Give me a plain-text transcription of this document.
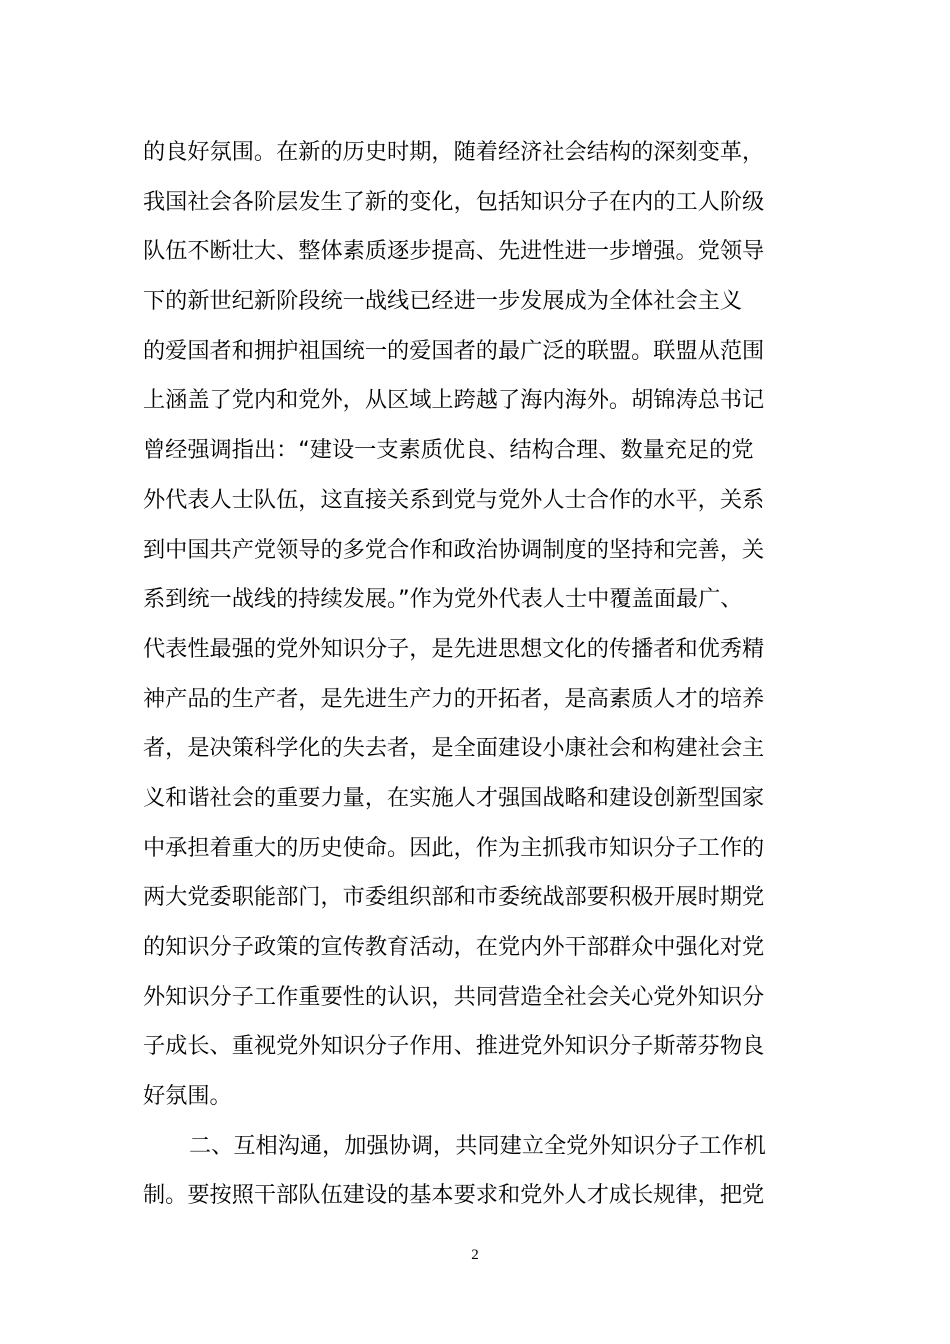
的良好氛围。在新的历史时期，随着经济社会结构的深刻变革，
我国社会各阶层发生了新的变化，包括知识分子在内的工人阶级
队伍不断壮大、整体素质逐步提高、先进性进一步增强。党领导
下的新世纪新阶段统一战线已经进一步发展成为全体社会主义
的爱国者和拥护祖国统一的爱国者的最广泛的联盟。联盟从范围
上涵盖了党内和党外，从区域上跨越了海内海外。胡锦涛总书记
曾经强调指出：“建设一支素质优良、结构合理、数量充足的党
外代表人士队伍，这直接关系到党与党外人士合作的水平，关系
到中国共产党领导的多党合作和政治协调制度的坚持和完善，关
系到统一战线的持续发展。”作为党外代表人士中覆盖面最广、
代表性最强的党外知识分子，是先进思想文化的传播者和优秀精
神产品的生产者，是先进生产力的开拓者，是高素质人才的培养
者，是决策科学化的失去者，是全面建设小康社会和构建社会主
义和谐社会的重要力量，在实施人才强国战略和建设创新型国家
中承担着重大的历史使命。因此，作为主抓我市知识分子工作的
两大党委职能部门，市委组织部和市委统战部要积极开展时期党
的知识分子政策的宣传教育活动，在党内外干部群众中强化对党
外知识分子工作重要性的认识，共同营造全社会关心党外知识分
子成长、重视党外知识分子作用、推进党外知识分子斯蒂芬物良
好氛围。
二、互相沟通，加强协调，共同建立全党外知识分子工作机
制。要按照干部队伍建设的基本要求和党外人才成长规律，把党
2
